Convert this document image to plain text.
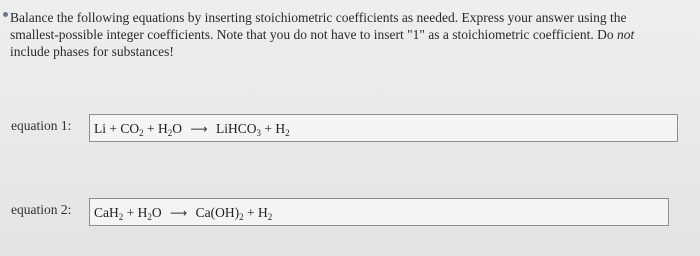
Balance the following equations by inserting stoichiometric coefficients as needed. Express your answer using the smallest-possible integer coefficients. Note that you do not have to insert "1" as a stoichiometric coefficient. Do not include phases for substances!
equation 1:	$Li + CO_2 + H_2O$ ⟶ LiHCO$_3$ + $H_2$
equation 2:	$CaH_2 + H_2O$ ⟶ $Ca(OH)_2 + H_2$
